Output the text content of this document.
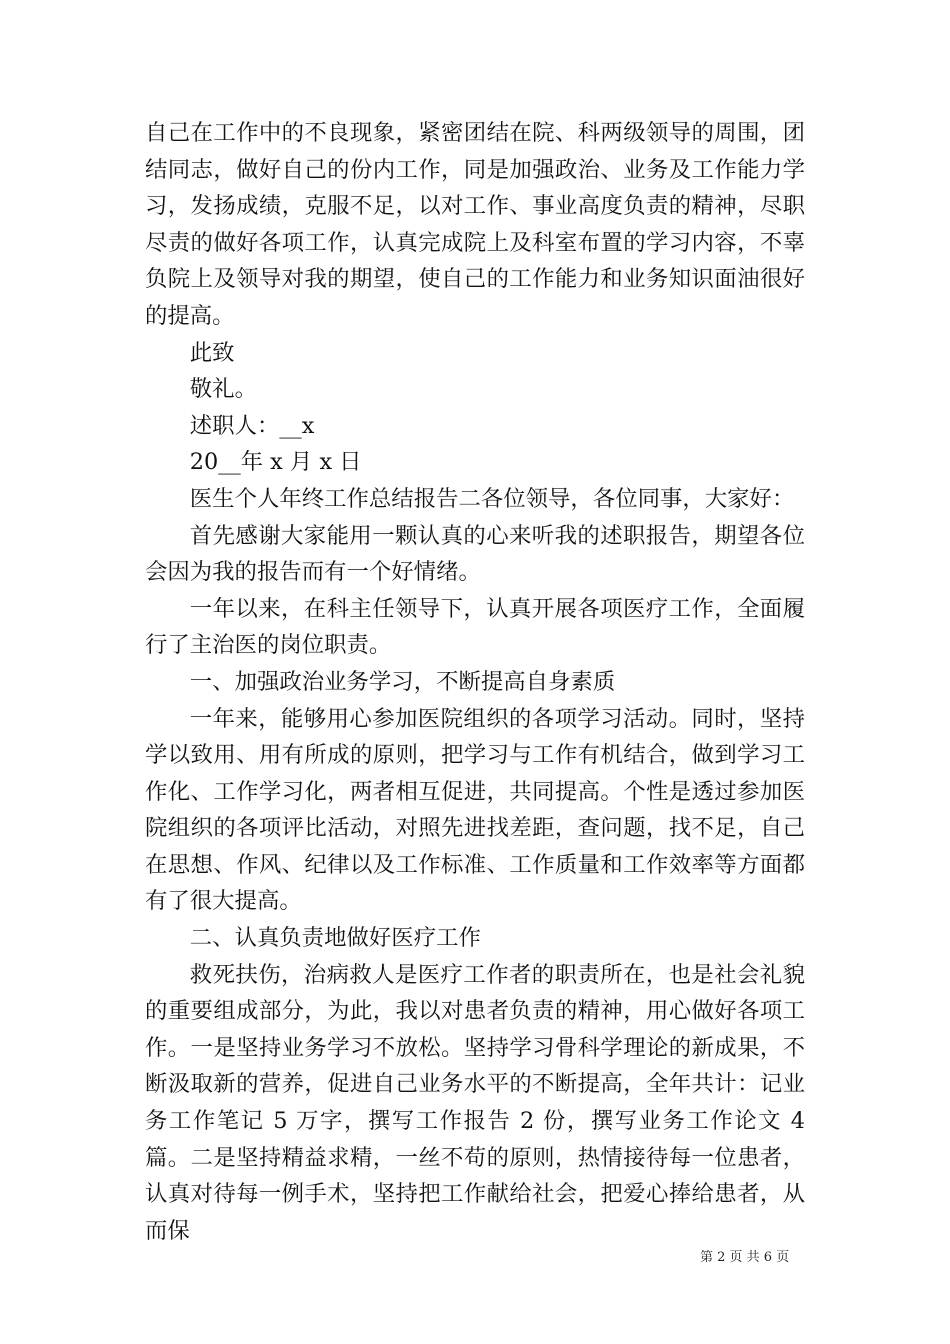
自己在工作中的不良现象，紧密团结在院、科两级领导的周围，团结同志，做好自己的份内工作，同是加强政治、业务及工作能力学习，发扬成绩，克服不足，以对工作、事业高度负责的精神，尽职尽责的做好各项工作，认真完成院上及科室布置的学习内容，不辜负院上及领导对我的期望，使自己的工作能力和业务知识面油很好的提高。

此致

敬礼。

述职人：__x

20__年 x 月 x 日

医生个人年终工作总结报告二各位领导，各位同事，大家好：

首先感谢大家能用一颗认真的心来听我的述职报告，期望各位会因为我的报告而有一个好情绪。

一年以来，在科主任领导下，认真开展各项医疗工作，全面履行了主治医的岗位职责。

一、加强政治业务学习，不断提高自身素质

一年来，能够用心参加医院组织的各项学习活动。同时，坚持学以致用、用有所成的原则，把学习与工作有机结合，做到学习工作化、工作学习化，两者相互促进，共同提高。个性是透过参加医院组织的各项评比活动，对照先进找差距，查问题，找不足，自己在思想、作风、纪律以及工作标准、工作质量和工作效率等方面都有了很大提高。

二、认真负责地做好医疗工作

救死扶伤，治病救人是医疗工作者的职责所在，也是社会礼貌的重要组成部分，为此，我以对患者负责的精神，用心做好各项工作。一是坚持业务学习不放松。坚持学习骨科学理论的新成果，不断汲取新的营养，促进自己业务水平的不断提高，全年共计：记业务工作笔记 5 万字，撰写工作报告 2 份，撰写业务工作论文 4 篇。二是坚持精益求精，一丝不苟的原则，热情接待每一位患者，认真对待每一例手术，坚持把工作献给社会，把爱心捧给患者，从而保

第 2 页 共 6 页
